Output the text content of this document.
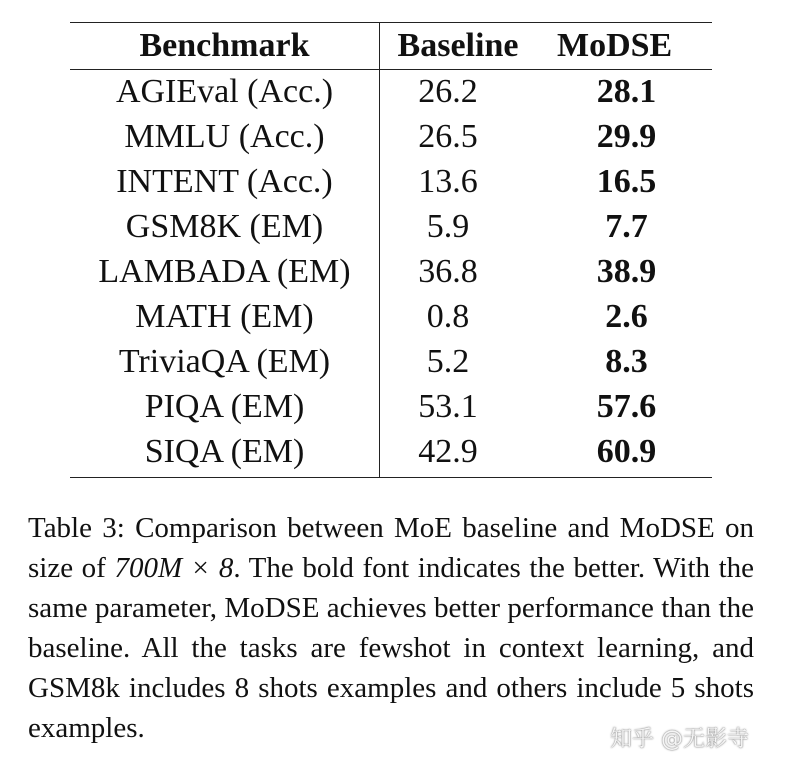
Benchmark	Baseline	MoDSE
AGIEval (Acc.)	26.2	28.1
MMLU (Acc.)	26.5	29.9
INTENT (Acc.)	13.6	16.5
GSM8K (EM)	5.9	7.7
LAMBADA (EM)	36.8	38.9
MATH (EM)	0.8	2.6
TriviaQA (EM)	5.2	8.3
PIQA (EM)	53.1	57.6
SIQA (EM)	42.9	60.9
Table 3: Comparison between MoE baseline and MoDSE on size of 700M × 8. The bold font indicates the better. With the same parameter, MoDSE achieves better performance than the baseline. All the tasks are fewshot in context learning, and GSM8k includes 8 shots examples and others include 5 shots examples.	知乎 @无影寺
